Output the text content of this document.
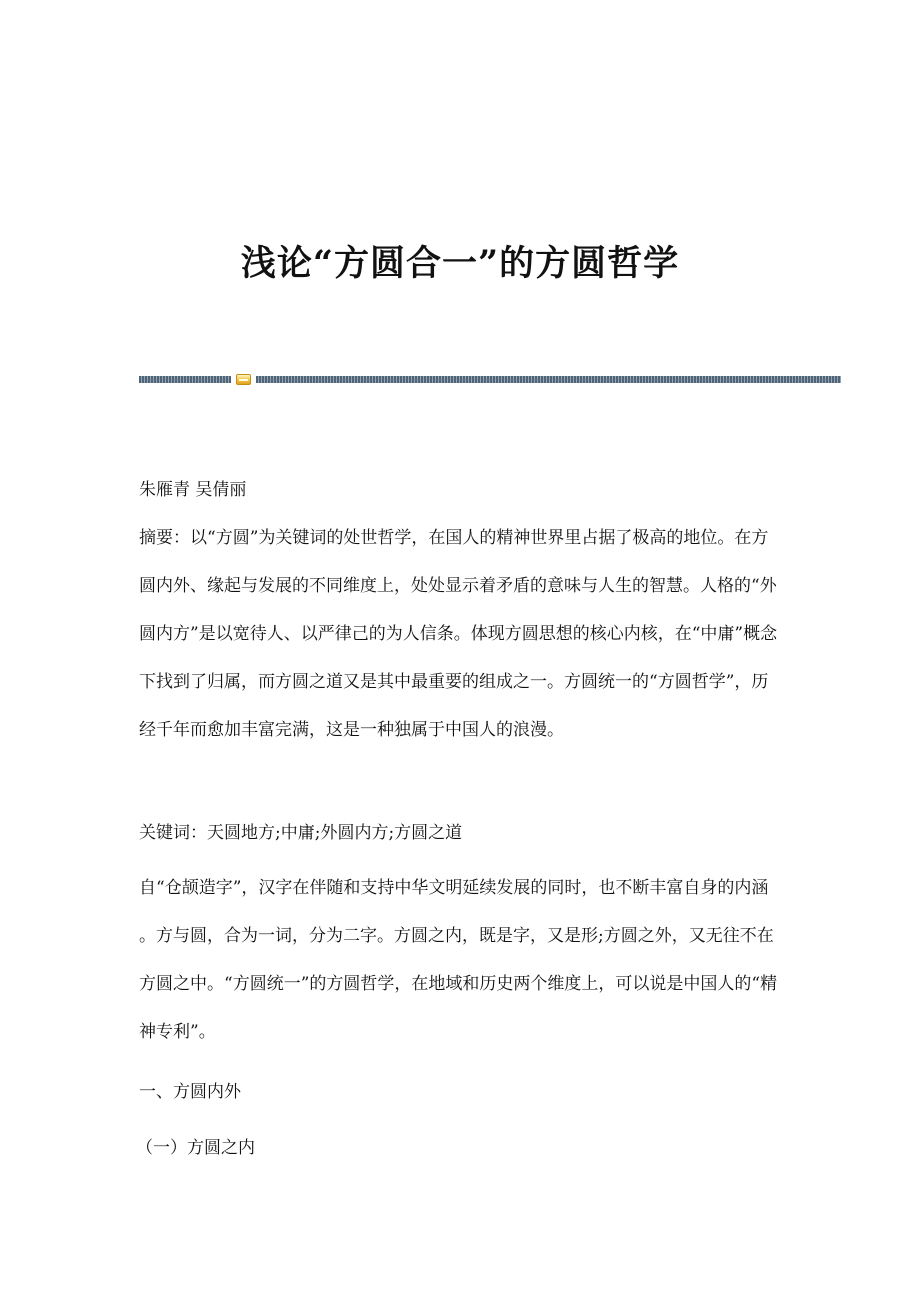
浅论“方圆合一”的方圆哲学

朱雁青 吴倩丽

摘要：以“方圆”为关键词的处世哲学，在国人的精神世界里占据了极高的地位。在方圆内外、缘起与发展的不同维度上，处处显示着矛盾的意味与人生的智慧。人格的“外圆内方”是以宽待人、以严律己的为人信条。体现方圆思想的核心内核，在“中庸”概念下找到了归属，而方圆之道又是其中最重要的组成之一。方圆统一的“方圆哲学”，历经千年而愈加丰富完满，这是一种独属于中国人的浪漫。

关键词：天圆地方;中庸;外圆内方;方圆之道

自“仓颉造字”，汉字在伴随和支持中华文明延续发展的同时，也不断丰富自身的内涵 。方与圆，合为一词，分为二字。方圆之内，既是字，又是形;方圆之外，又无往不在方圆之中。“方圆统一”的方圆哲学，在地域和历史两个维度上，可以说是中国人的“精神专利”。

一、方圆内外

（一）方圆之内
